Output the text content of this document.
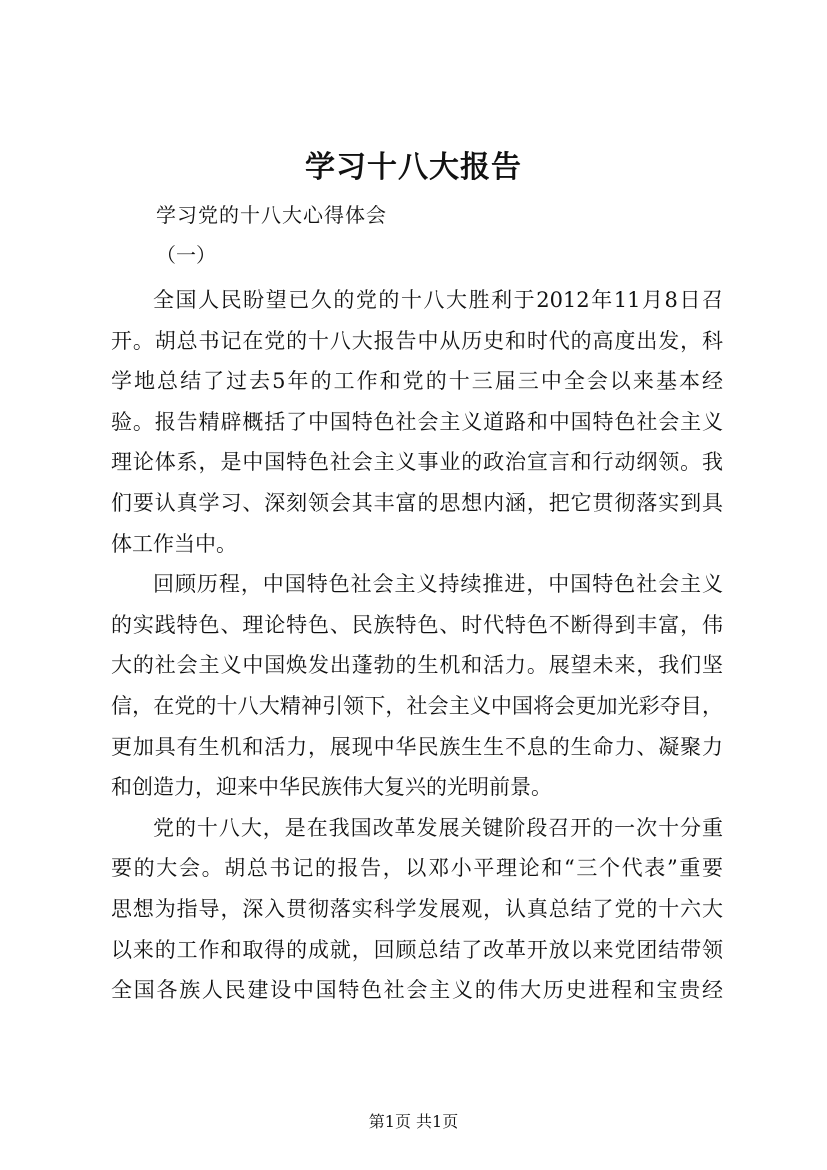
学习十八大报告
学习党的十八大心得体会
（一）
全国人民盼望已久的党的十八大胜利于2012年11月8日召
开。胡总书记在党的十八大报告中从历史和时代的高度出发，科
学地总结了过去5年的工作和党的十三届三中全会以来基本经
验。报告精辟概括了中国特色社会主义道路和中国特色社会主义
理论体系，是中国特色社会主义事业的政治宣言和行动纲领。我
们要认真学习、深刻领会其丰富的思想内涵，把它贯彻落实到具
体工作当中。
回顾历程，中国特色社会主义持续推进，中国特色社会主义
的实践特色、理论特色、民族特色、时代特色不断得到丰富，伟
大的社会主义中国焕发出蓬勃的生机和活力。展望未来，我们坚
信，在党的十八大精神引领下，社会主义中国将会更加光彩夺目，
更加具有生机和活力，展现中华民族生生不息的生命力、凝聚力
和创造力，迎来中华民族伟大复兴的光明前景。
党的十八大，是在我国改革发展关键阶段召开的一次十分重
要的大会。胡总书记的报告，以邓小平理论和“三个代表”重要
思想为指导，深入贯彻落实科学发展观，认真总结了党的十六大
以来的工作和取得的成就，回顾总结了改革开放以来党团结带领
全国各族人民建设中国特色社会主义的伟大历史进程和宝贵经
第1页 共1页
